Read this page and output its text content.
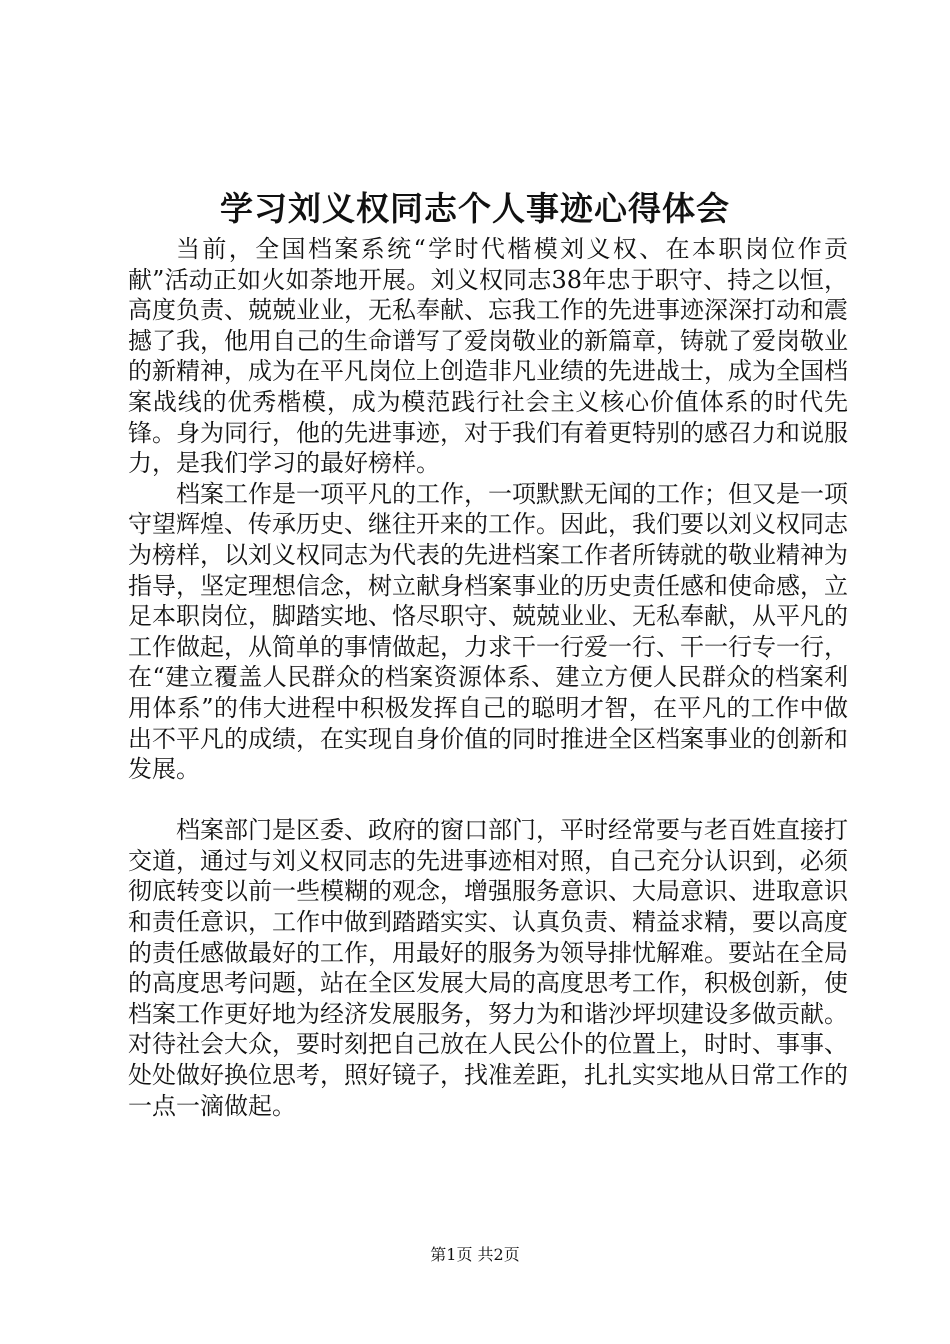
学习刘义权同志个人事迹心得体会

当前，全国档案系统“学时代楷模刘义权、在本职岗位作贡献”活动正如火如荼地开展。刘义权同志38年忠于职守、持之以恒，高度负责、兢兢业业，无私奉献、忘我工作的先进事迹深深打动和震撼了我，他用自己的生命谱写了爱岗敬业的新篇章，铸就了爱岗敬业的新精神，成为在平凡岗位上创造非凡业绩的先进战士，成为全国档案战线的优秀楷模，成为模范践行社会主义核心价值体系的时代先锋。身为同行，他的先进事迹，对于我们有着更特别的感召力和说服力，是我们学习的最好榜样。

档案工作是一项平凡的工作，一项默默无闻的工作；但又是一项守望辉煌、传承历史、继往开来的工作。因此，我们要以刘义权同志为榜样，以刘义权同志为代表的先进档案工作者所铸就的敬业精神为指导，坚定理想信念，树立献身档案事业的历史责任感和使命感，立足本职岗位，脚踏实地、恪尽职守、兢兢业业、无私奉献，从平凡的工作做起，从简单的事情做起，力求干一行爱一行、干一行专一行，在“建立覆盖人民群众的档案资源体系、建立方便人民群众的档案利用体系”的伟大进程中积极发挥自己的聪明才智，在平凡的工作中做出不平凡的成绩，在实现自身价值的同时推进全区档案事业的创新和发展。

档案部门是区委、政府的窗口部门，平时经常要与老百姓直接打交道，通过与刘义权同志的先进事迹相对照，自己充分认识到，必须彻底转变以前一些模糊的观念，增强服务意识、大局意识、进取意识和责任意识，工作中做到踏踏实实、认真负责、精益求精，要以高度的责任感做最好的工作，用最好的服务为领导排忧解难。要站在全局的高度思考问题，站在全区发展大局的高度思考工作，积极创新，使档案工作更好地为经济发展服务，努力为和谐沙坪坝建设多做贡献。对待社会大众，要时刻把自己放在人民公仆的位置上，时时、事事、处处做好换位思考，照好镜子，找准差距，扎扎实实地从日常工作的一点一滴做起。

第1页 共2页
